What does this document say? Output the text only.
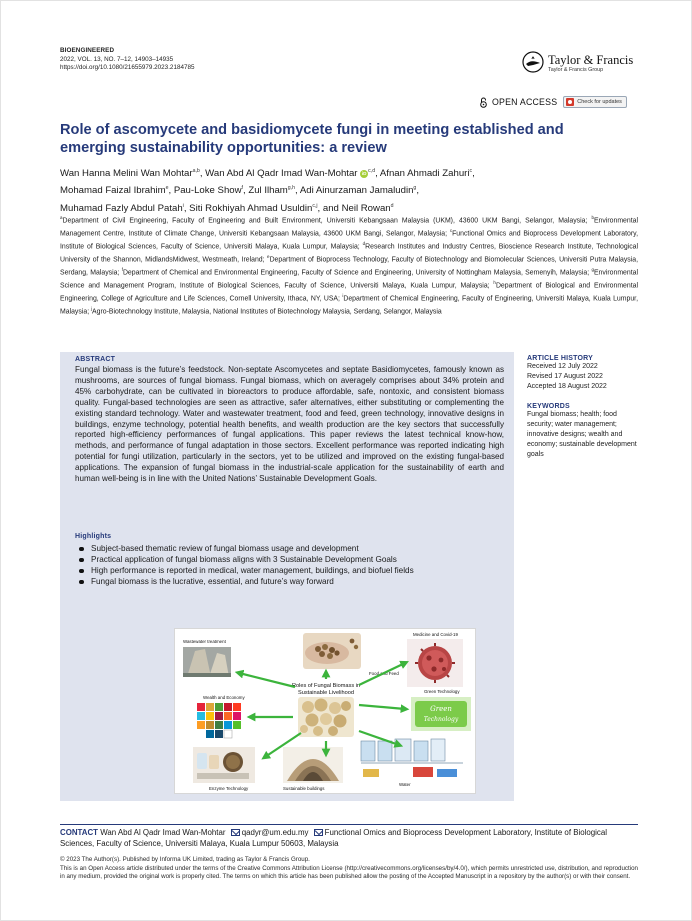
BIOENGINEERED
2022, VOL. 13, NO. 7–12, 14903–14935
https://doi.org/10.1080/21655979.2023.2184785
Taylor & Francis
Taylor & Francis Group
OPEN ACCESS	Check for updates
Role of ascomycete and basidiomycete fungi in meeting established and emerging sustainability opportunities: a review
Wan Hanna Melini Wan Mohtar$^{a,b}$, Wan Abd Al Qadr Imad Wan-Mohtar iD $^{c,d}$, Afnan Ahmadi Zahuri$^c$,
Mohamad Faizal Ibrahim$^e$, Pau-Loke Show$^f$, Zul Ilham$^{g,h}$, Adi Ainurzaman Jamaludin$^g$,
Muhamad Fazly Abdul Patah$^i$, Siti Rokhiyah Ahmad Usuldin$^{c,j}$, and Neil Rowan$^d$
$^a$Department of Civil Engineering, Faculty of Engineering and Built Environment, Universiti Kebangsaan Malaysia (UKM), 43600 UKM Bangi, Selangor, Malaysia; $^b$Environmental Management Centre, Institute of Climate Change, Universiti Kebangsaan Malaysia, 43600 UKM Bangi, Selangor, Malaysia; $^c$Functional Omics and Bioprocess Development Laboratory, Institute of Biological Sciences, Faculty of Science, Universiti Malaya, Kuala Lumpur, Malaysia; $^d$Research Institutes and Industry Centres, Bioscience Research Institute, Technological University of the Shannon, MidlandsMidwest, Westmeath, Ireland; $^e$Department of Bioprocess Technology, Faculty of Biotechnology and Biomolecular Sciences, Universiti Putra Malaysia, Serdang, Malaysia; $^f$Department of Chemical and Environmental Engineering, Faculty of Science and Engineering, University of Nottingham Malaysia, Semenyih, Malaysia; $^g$Environmental Science and Management Program, Institute of Biological Sciences, Faculty of Science, Universiti Malaya, Kuala Lumpur, Malaysia; $^h$Department of Biological and Environmental Engineering, College of Agriculture and Life Sciences, Cornell University, Ithaca, NY, USA; $^i$Department of Chemical Engineering, Faculty of Engineering, Universiti Malaya, Kuala Lumpur, Malaysia; $^j$Agro-Biotechnology Institute, Malaysia, National Institutes of Biotechnology Malaysia, Serdang, Selangor, Malaysia
ABSTRACT

Fungal biomass is the future’s feedstock. Non-septate Ascomycetes and septate Basidiomycetes, famously known as mushrooms, are sources of fungal biomass. Fungal biomass, which on averagely comprises about 34% protein and 45% carbohydrate, can be cultivated in bioreactors to produce affordable, safe, nontoxic, and consistent biomass quality. Fungal-based technologies are seen as attractive, safer alternatives, either substituting or complementing the existing standard technology. Water and wastewater treatment, food and feed, green technology, innovative designs in buildings, enzyme technology, potential health benefits, and wealth production are the key sectors that successfully reported high-efficiency performances of fungal applications. This paper reviews the latest technical know-how, methods, and performance of fungal adaptation in those sectors. Excellent performance was reported indicating high potential for fungi utilization, particularly in the sectors, yet to be utilized and improved on the existing fungal-based applications. The expansion of fungal biomass in the industrial-scale application for the sustainability of earth and human well-being is in line with the United Nations’ Sustainable Development Goals.

Highlights
Subject-based thematic review of fungal biomass usage and development
Practical application of fungal biomass aligns with 3 Sustainable Development Goals
High performance is reported in medical, water management, buildings, and biofuel fields
Fungal biomass is the lucrative, essential, and future’s way forward
Roles of Fungal Biomass in
Sustainable Livelihood
Food and Feed
Wastewater treatment
Medicine and Covid-19
Green Technology
Green
Technology
Wealth and Economy
Enzyme Technology	Sustainable buildings
Water
ARTICLE HISTORY
Received 12 July 2022
Revised 17 August 2022
Accepted 18 August 2022
KEYWORDS
Fungal biomass; health; food security; water management; innovative designs; wealth and economy; sustainable development goals
CONTACT Wan Abd Al Qadr Imad Wan-Mohtar qadyr@um.edu.my Functional Omics and Bioprocess Development Laboratory, Institute of Biological Sciences, Faculty of Science, Universiti Malaya, Kuala Lumpur 50603, Malaysia
© 2023 The Author(s). Published by Informa UK Limited, trading as Taylor & Francis Group.
This is an Open Access article distributed under the terms of the Creative Commons Attribution License (http://creativecommons.org/licenses/by/4.0/), which permits unrestricted use, distribution, and reproduction in any medium, provided the original work is properly cited. The terms on which this article has been published allow the posting of the Accepted Manuscript in a repository by the author(s) or with their consent.
